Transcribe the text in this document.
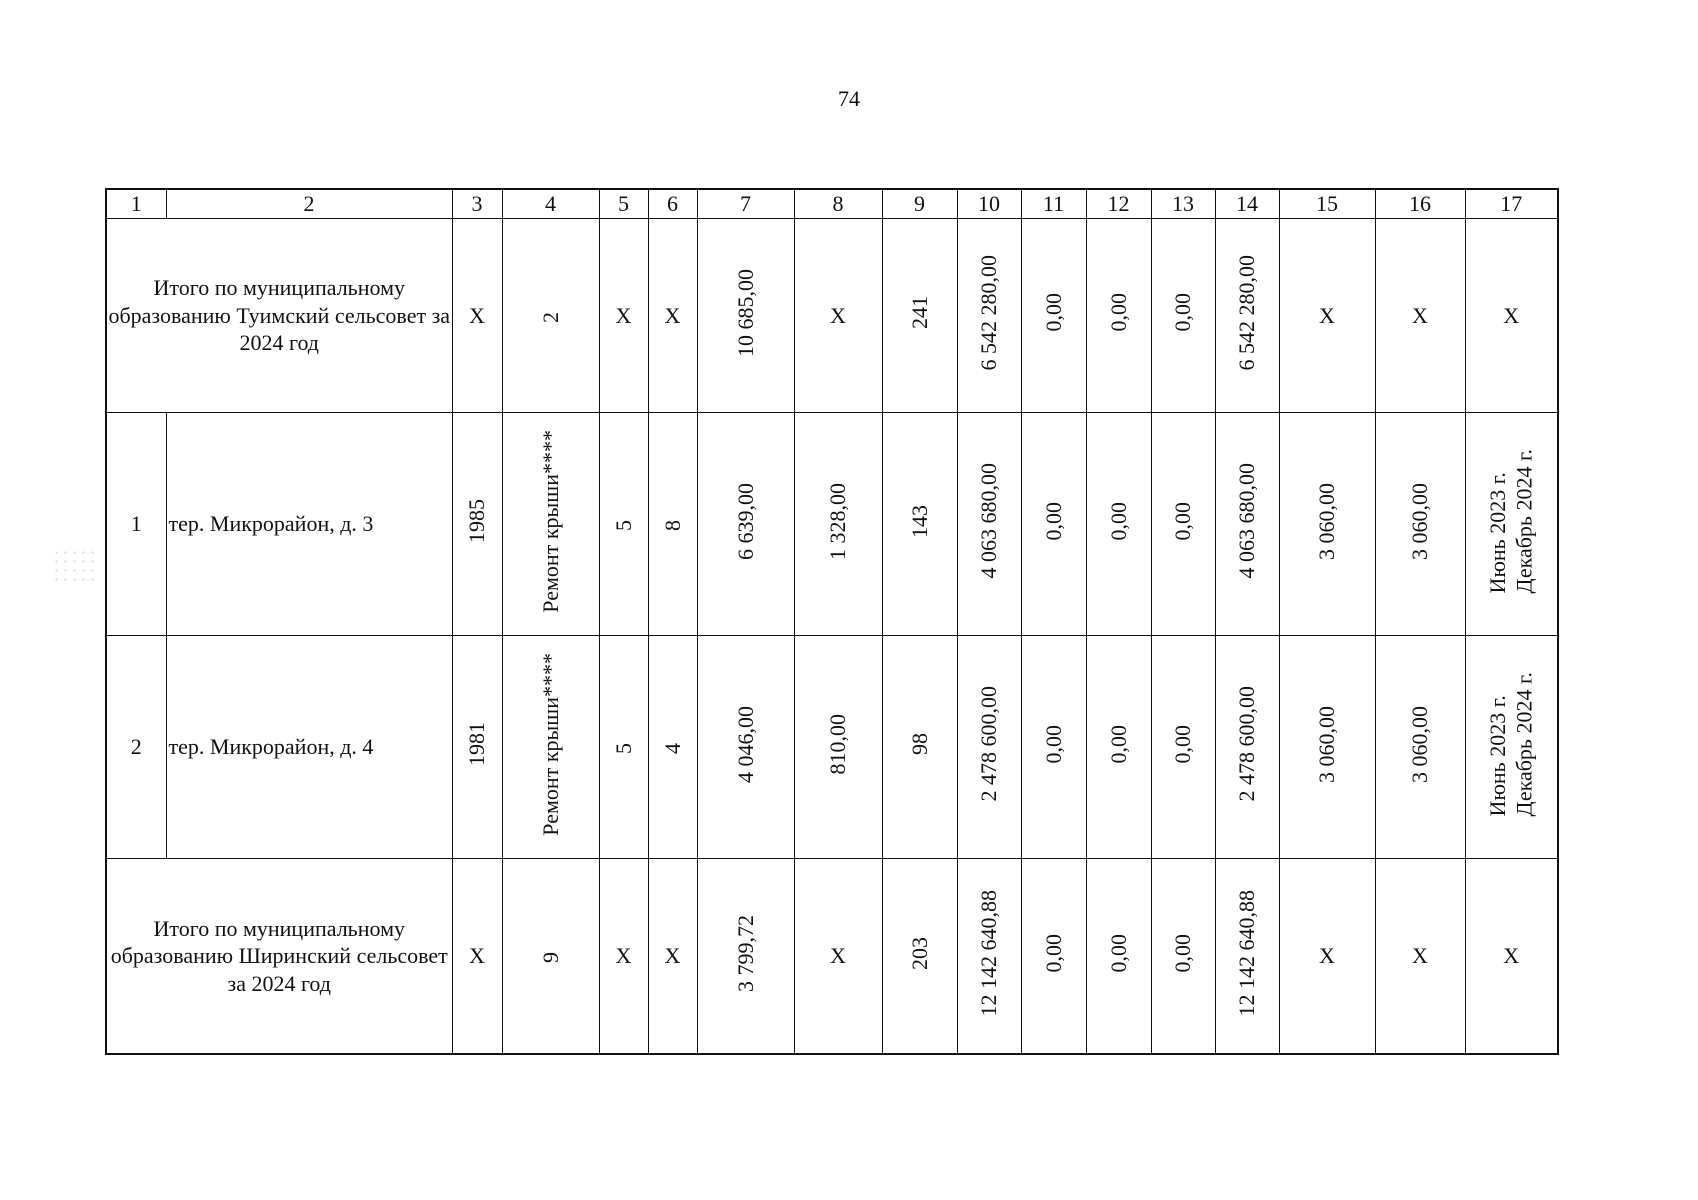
74
1	2	3	4	5	6	7	8	9	10	11	12	13	14	15	16	17
Итого по муниципальному образованию Туимский сельсовет за 2024 год		X	2	X	X	10 685,00	X	241	6 542 280,00	0,00	0,00	0,00	6 542 280,00	X	X	X
1	тер. Микрорайон, д. 3	1985	Ремонт крыши****	5	8	6 639,00	1 328,00	143	4 063 680,00	0,00	0,00	0,00	4 063 680,00	3 060,00	3 060,00	Июнь 2023 г. Декабрь 2024 г.

2	тер. Микрорайон, д. 4	1981	Ремонт крыши****	5	4	4 046,00	810,00	98	2 478 600,00	0,00	0,00	0,00	2 478 600,00	3 060,00	3 060,00	Июнь 2023 г. Декабрь 2024 г.

Итого по муниципальному образованию Ширинский сельсовет за 2024 год		X	9	X	X	3 799,72	X	203	12 142 640,88	0,00	0,00	0,00	12 142 640,88	X	X	X
